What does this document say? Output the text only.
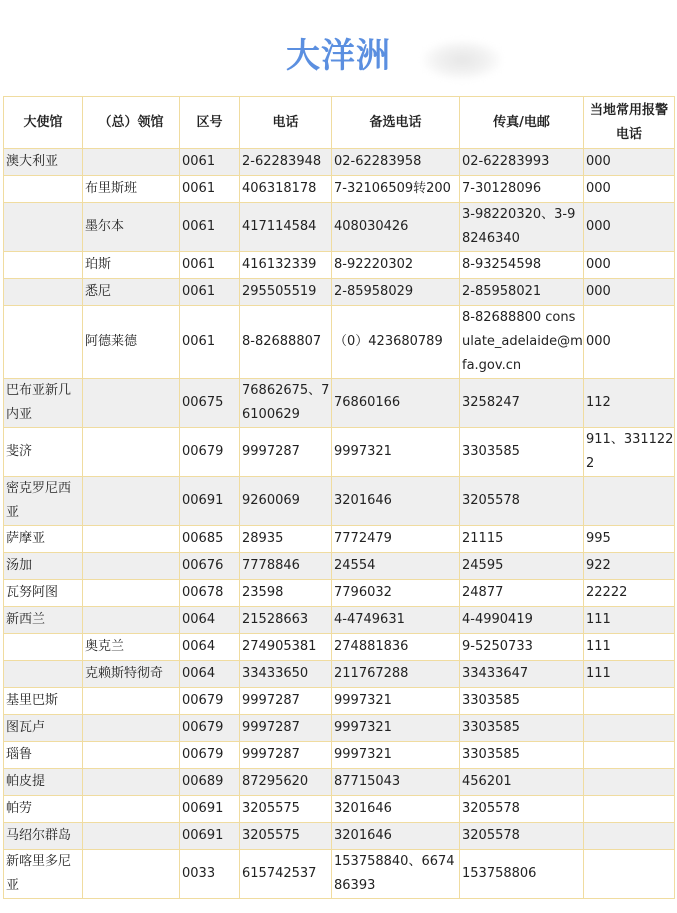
大洋洲
大使馆	（总）领馆	区号	电话	备选电话	传真/电邮	当地常用报警电话
澳大利亚		0061	2-62283948	02-62283958	02-62283993	000
	布里斯班	0061	406318178	7-32106509转200	7-30128096	000
	墨尔本	0061	417114584	408030426	3-98220320、3-98246340	000
	珀斯	0061	416132339	8-92220302	8-93254598	000
	悉尼	0061	295505519	2-85958029	2-85958021	000
	阿德莱德	0061	8-82688807	（0）423680789	8-82688800 consulate_adelaide@mfa.gov.cn	000
巴布亚新几内亚		00675	76862675、76100629	76860166	3258247	112
斐济		00679	9997287	9997321	3303585	911、3311222
密克罗尼西亚		00691	9260069	3201646	3205578	
萨摩亚		00685	28935	7772479	21115	995
汤加		00676	7778846	24554	24595	922
瓦努阿图		00678	23598	7796032	24877	22222
新西兰		0064	21528663	4-4749631	4-4990419	111
	奥克兰	0064	274905381	274881836	9-5250733	111
	克赖斯特彻奇	0064	33433650	211767288	33433647	111
基里巴斯		00679	9997287	9997321	3303585	
图瓦卢		00679	9997287	9997321	3303585	
瑙鲁		00679	9997287	9997321	3303585	
帕皮提		00689	87295620	87715043	456201	
帕劳		00691	3205575	3201646	3205578	
马绍尔群岛		00691	3205575	3201646	3205578	
新喀里多尼亚		0033	615742537	153758840、667486393	153758806	
